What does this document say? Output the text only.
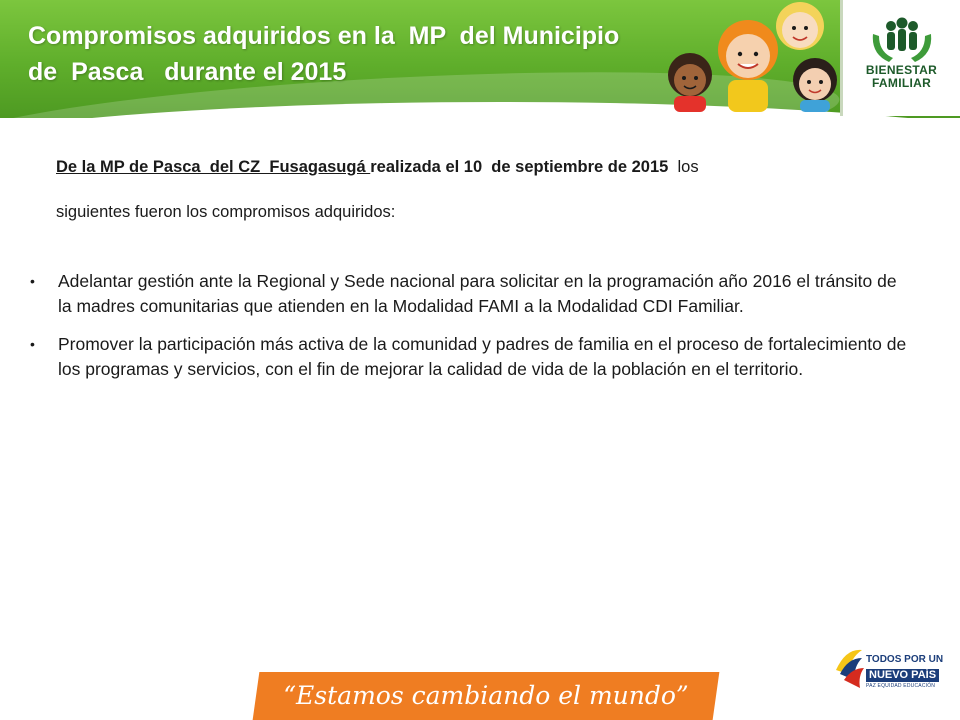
Compromisos adquiridos en la  MP  del Municipio
de  Pasca   durante el 2015	BIENESTAR
FAMILIAR
De la MP de Pasca  del CZ  Fusagasugá realizada el 10  de septiembre de 2015  los
siguientes fueron los compromisos adquiridos:
• Adelantar gestión ante la Regional y Sede nacional para solicitar en la programación año 2016 el tránsito de la madres comunitarias que atienden en la Modalidad FAMI a la Modalidad CDI Familiar.
• Promover la participación más activa de la comunidad y padres de familia en el proceso de fortalecimiento de los programas y servicios, con el fin de mejorar la calidad de vida de la población en el territorio.
“Estamos cambiando el mundo”
TODOS POR UN
NUEVO PAÍS
PAZ EQUIDAD EDUCACIÓN
